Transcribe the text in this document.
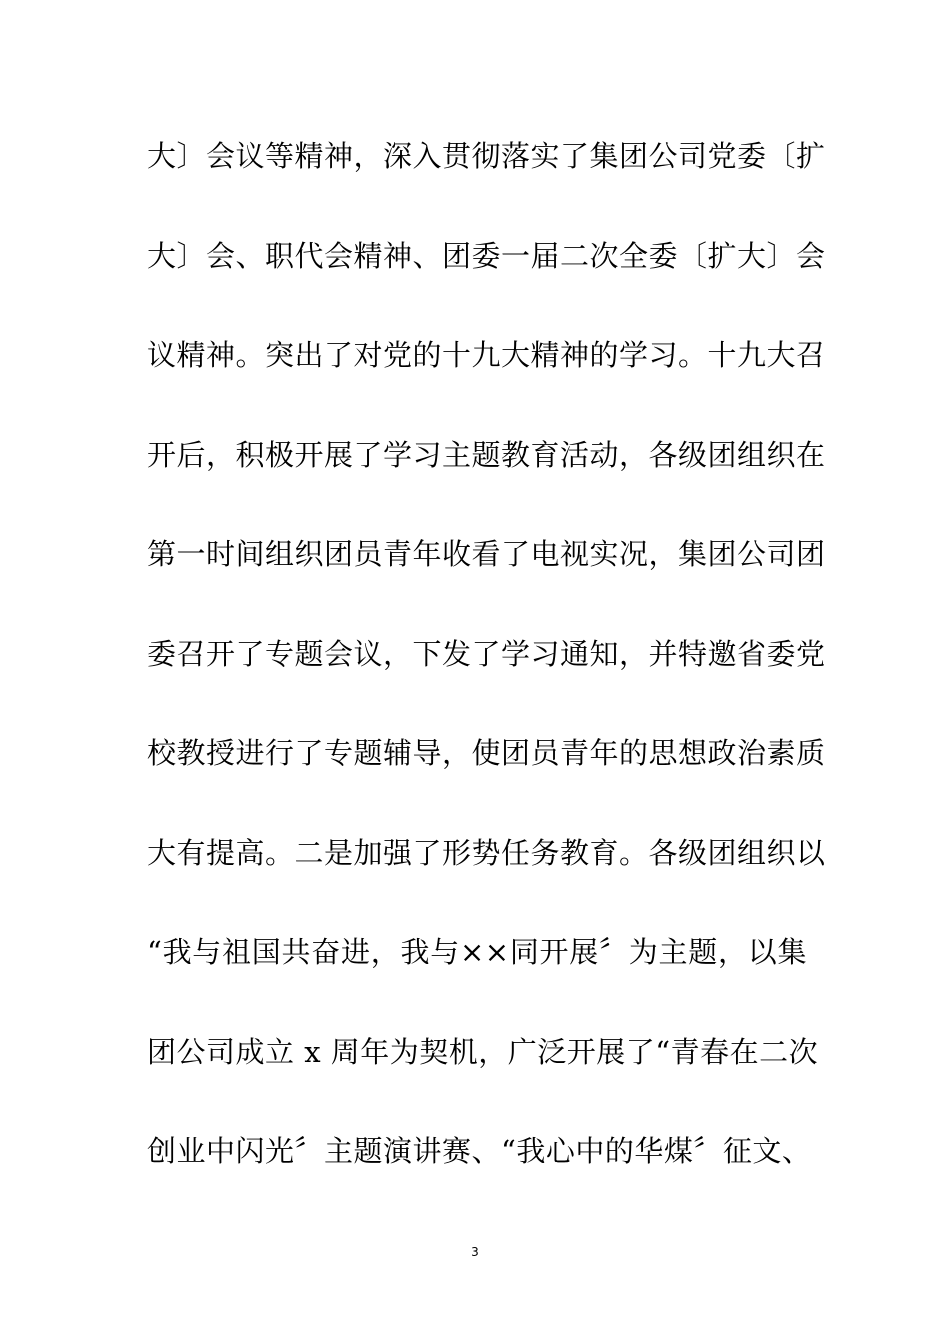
大〕会议等精神，深入贯彻落实了集团公司党委〔扩
大〕会、职代会精神、团委一届二次全委〔扩大〕会
议精神。突出了对党的十九大精神的学习。十九大召
开后，积极开展了学习主题教育活动，各级团组织在
第一时间组织团员青年收看了电视实况，集团公司团
委召开了专题会议，下发了学习通知，并特邀省委党
校教授进行了专题辅导，使团员青年的思想政治素质
大有提高。二是加强了形势任务教育。各级团组织以
“我与祖国共奋进，我与××同开展〞为主题，以集
团公司成立 x 周年为契机，广泛开展了“青春在二次
创业中闪光〞主题演讲赛、“我心中的华煤〞征文、
3
